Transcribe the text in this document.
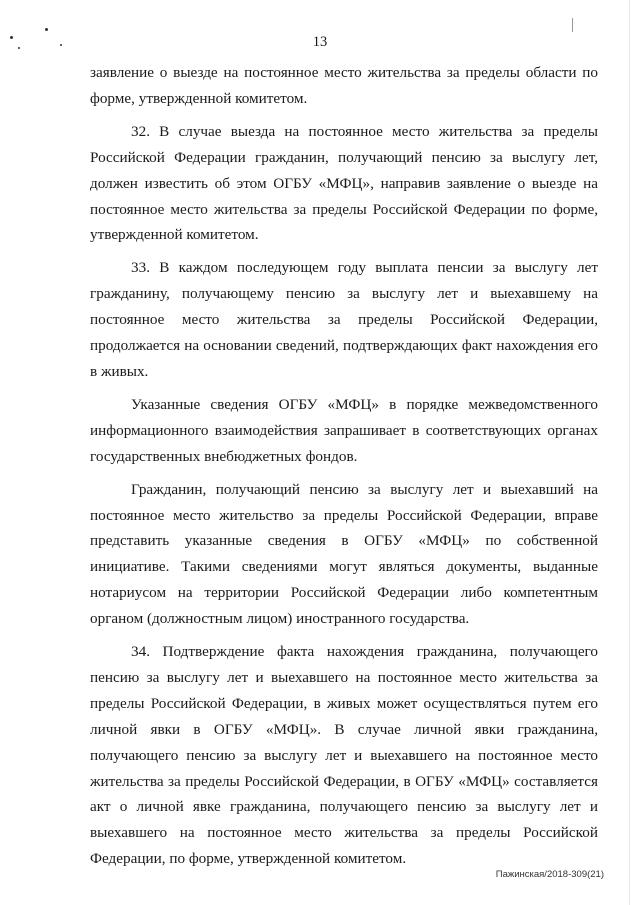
13

заявление о выезде на постоянное место жительства за пределы области по форме, утвержденной комитетом.

32. В случае выезда на постоянное место жительства за пределы Российской Федерации гражданин, получающий пенсию за выслугу лет, должен известить об этом ОГБУ «МФЦ», направив заявление о выезде на постоянное место жительства за пределы Российской Федерации по форме, утвержденной комитетом.

33. В каждом последующем году выплата пенсии за выслугу лет гражданину, получающему пенсию за выслугу лет и выехавшему на постоянное место жительства за пределы Российской Федерации, продолжается на основании сведений, подтверждающих факт нахождения его в живых.

Указанные сведения ОГБУ «МФЦ» в порядке межведомственного информационного взаимодействия запрашивает в соответствующих органах государственных внебюджетных фондов.

Гражданин, получающий пенсию за выслугу лет и выехавший на постоянное место жительство за пределы Российской Федерации, вправе представить указанные сведения в ОГБУ «МФЦ» по собственной инициативе. Такими сведениями могут являться документы, выданные нотариусом на территории Российской Федерации либо компетентным органом (должностным лицом) иностранного государства.

34. Подтверждение факта нахождения гражданина, получающего пенсию за выслугу лет и выехавшего на постоянное место жительства за пределы Российской Федерации, в живых может осуществляться путем его личной явки в ОГБУ «МФЦ». В случае личной явки гражданина, получающего пенсию за выслугу лет и выехавшего на постоянное место жительства за пределы Российской Федерации, в ОГБУ «МФЦ» составляется акт о личной явке гражданина, получающего пенсию за выслугу лет и выехавшего на постоянное место жительства за пределы Российской Федерации, по форме, утвержденной комитетом.

Пажинская/2018-309(21)
